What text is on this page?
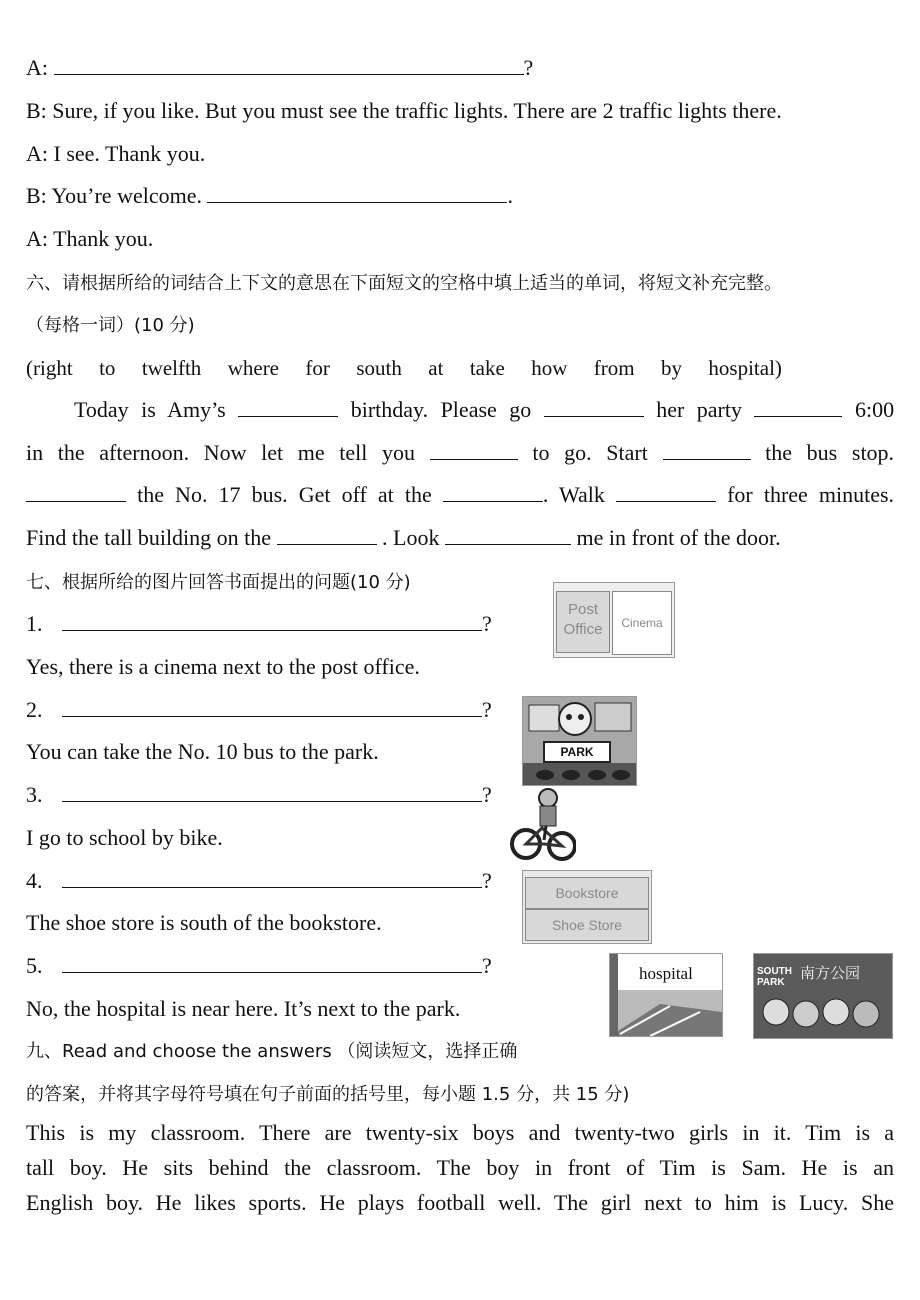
A:	?
B: Sure, if you like. But you must see the traffic lights. There are 2 traffic lights there.
A: I see. Thank you.
B: You’re welcome.	.
A: Thank you.
六、请根据所给的词结合上下文的意思在下面短文的空格中填上适当的单词，将短文补充完整。
（每格一词）(10 分)
(right to twelfth where for south at take how from by hospital)
Today is Amy’s	birthday. Please go	her party	6:00
in the afternoon. Now let me tell you	to go. Start	the bus stop.
the No. 17 bus. Get off at the	. Walk	for three minutes.
Find the tall building on the	. Look	me in front of the door.
七、根据所给的图片回答书面提出的问题(10 分)
1.	?
Yes, there is a cinema next to the post office.
2.	?
You can take the No. 10 bus to the park.
3.	?
I go to school by bike.
4.	?
The shoe store is south of the bookstore.
5.	?
No, the hospital is near here. It’s next to the park.
Post Office	Cinema
PARK
Bookstore
Shoe Store
hospital	SOUTH PARK
南方公园
九、Read and choose the answers （阅读短文，选择正确
的答案，并将其字母符号填在句子前面的括号里，每小题 1.5 分，共 15 分)
This is my classroom. There are twenty-six boys and twenty-two girls in it. Tim is a
tall boy. He sits behind the classroom. The boy in front of Tim is Sam. He is an
English boy. He likes sports. He plays football well. The girl next to him is Lucy. She
